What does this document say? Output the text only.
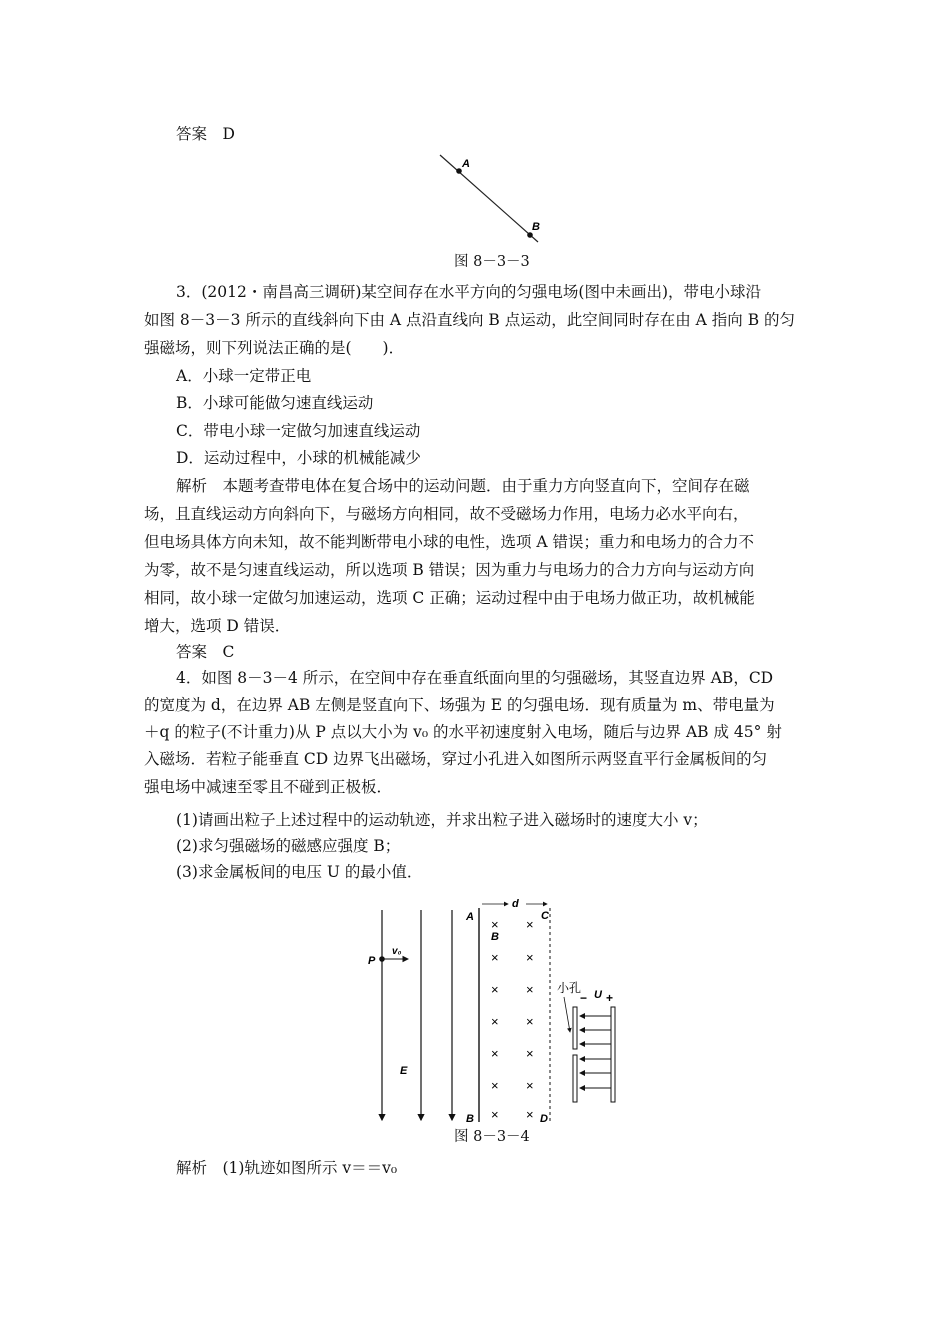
答案　D
A
B
图 8－3－3
3．(2012・南昌高三调研)某空间存在水平方向的匀强电场(图中未画出)，带电小球沿
如图 8－3－3 所示的直线斜向下由 A 点沿直线向 B 点运动，此空间同时存在由 A 指向 B 的匀
强磁场，则下列说法正确的是(　　)．
A．小球一定带正电
B．小球可能做匀速直线运动
C．带电小球一定做匀加速直线运动
D．运动过程中，小球的机械能减少
解析　本题考查带电体在复合场中的运动问题．由于重力方向竖直向下，空间存在磁
场，且直线运动方向斜向下，与磁场方向相同，故不受磁场力作用，电场力必水平向右，
但电场具体方向未知，故不能判断带电小球的电性，选项 A 错误；重力和电场力的合力不
为零，故不是匀速直线运动，所以选项 B 错误；因为重力与电场力的合力方向与运动方向
相同，故小球一定做匀加速运动，选项 C 正确；运动过程中由于电场力做正功，故机械能
增大，选项 D 错误．
答案　C
4．如图 8－3－4 所示，在空间中存在垂直纸面向里的匀强磁场，其竖直边界 AB，CD
的宽度为 d，在边界 AB 左侧是竖直向下、场强为 E 的匀强电场．现有质量为 m、带电量为
＋q 的粒子(不计重力)从 P 点以大小为 v₀ 的水平初速度射入电场，随后与边界 AB 成 45° 射
入磁场．若粒子能垂直 CD 边界飞出磁场，穿过小孔进入如图所示两竖直平行金属板间的匀
强电场中减速至零且不碰到正极板．
(1)请画出粒子上述过程中的运动轨迹，并求出粒子进入磁场时的速度大小 v；
(2)求匀强磁场的磁感应强度 B；
(3)求金属板间的电压 U 的最小值．
P
v₀
E
d
A
B
C
B	D
× ×
× ×
× ×
× ×
× ×
× ×
× ×
小孔
− U +
图 8－3－4
解析　(1)轨迹如图所示 v＝＝v₀
